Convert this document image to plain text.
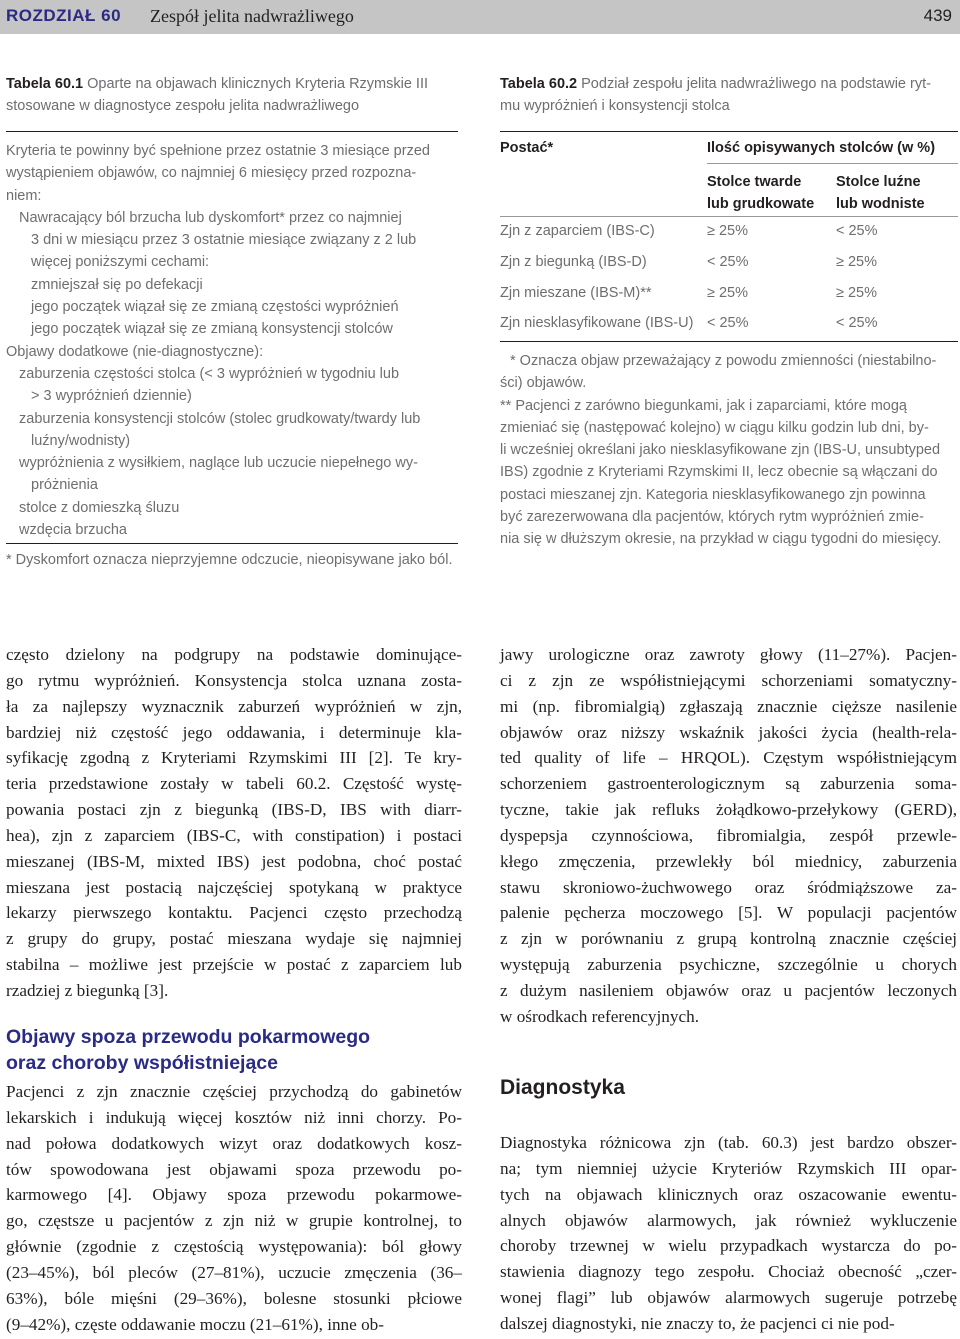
ROZDZIAŁ 60 Zespół jelita nadwrażliwego	439
Tabela 60.1 Oparte na objawach klinicznych Kryteria Rzymskie III
stosowane w diagnostyce zespołu jelita nadwrażliwego
Kryteria te powinny być spełnione przez ostatnie 3 miesiące przed
wystąpieniem objawów, co najmniej 6 miesięcy przed rozpozna-
niem:
Nawracający ból brzucha lub dyskomfort* przez co najmniej
3 dni w miesiącu przez 3 ostatnie miesiące związany z 2 lub
więcej poniższymi cechami:
zmniejszał się po defekacji
jego początek wiązał się ze zmianą częstości wypróżnień
jego początek wiązał się ze zmianą konsystencji stolców
Objawy dodatkowe (nie-diagnostyczne):
zaburzenia częstości stolca (< 3 wypróżnień w tygodniu lub
> 3 wypróżnień dziennie)
zaburzenia konsystencji stolców (stolec grudkowaty/twardy lub
luźny/wodnisty)
wypróżnienia z wysiłkiem, naglące lub uczucie niepełnego wy-
próżnienia
stolce z domieszką śluzu
wzdęcia brzucha
* Dyskomfort oznacza nieprzyjemne odczucie, nieopisywane jako ból.
Tabela 60.2 Podział zespołu jelita nadwrażliwego na podstawie ryt-
mu wypróżnień i konsystencji stolca
Postać*	Ilość opisywanych stolców (w %)
Stolce twarde
lub grudkowate
Stolce luźne
lub wodniste
Zjn z zaparciem (IBS-C)	≥ 25%	< 25%
Zjn z biegunką (IBS-D)	< 25%	≥ 25%
Zjn mieszane (IBS-M)**	≥ 25%	≥ 25%
Zjn niesklasyfikowane (IBS-U) < 25%	< 25%
* Oznacza objaw przeważający z powodu zmienności (niestabilno-
ści) objawów.
** Pacjenci z zarówno biegunkami, jak i zaparciami, które mogą
zmieniać się (następować kolejno) w ciągu kilku godzin lub dni, by-
li wcześniej określani jako niesklasyfikowane zjn (IBS-U, unsubtyped
IBS) zgodnie z Kryteriami Rzymskimi II, lecz obecnie są włączani do
postaci mieszanej zjn. Kategoria niesklasyfikowanego zjn powinna
być zarezerwowana dla pacjentów, których rytm wypróżnień zmie-
nia się w dłuższym okresie, na przykład w ciągu tygodni do miesięcy.
często dzielony na podgrupy na podstawie dominujące-
go rytmu wypróżnień. Konsystencja stolca uznana zosta-
ła za najlepszy wyznacznik zaburzeń wypróżnień w zjn,
bardziej niż częstość jego oddawania, i determinuje kla-
syfikację zgodną z Kryteriami Rzymskimi III [2]. Te kry-
teria przedstawione zostały w tabeli 60.2. Częstość wystę-
powania postaci zjn z biegunką (IBS-D, IBS with diarr-
hea), zjn z zaparciem (IBS-C, with constipation) i postaci
mieszanej (IBS-M, mixted IBS) jest podobna, choć postać
mieszana jest postacią najczęściej spotykaną w praktyce
lekarzy pierwszego kontaktu. Pacjenci często przechodzą
z grupy do grupy, postać mieszana wydaje się najmniej
stabilna – możliwe jest przejście w postać z zaparciem lub
rzadziej z biegunką [3].
Objawy spoza przewodu pokarmowego
oraz choroby współistniejące
Pacjenci z zjn znacznie częściej przychodzą do gabinetów
lekarskich i indukują więcej kosztów niż inni chorzy. Po-
nad połowa dodatkowych wizyt oraz dodatkowych kosz-
tów spowodowana jest objawami spoza przewodu po-
karmowego [4]. Objawy spoza przewodu pokarmowe-
go, częstsze u pacjentów z zjn niż w grupie kontrolnej, to
głównie (zgodnie z częstością występowania): ból głowy
(23–45%), ból pleców (27–81%), uczucie zmęczenia (36–
63%), bóle mięśni (29–36%), bolesne stosunki płciowe
(9–42%), częste oddawanie moczu (21–61%), inne ob-
jawy urologiczne oraz zawroty głowy (11–27%). Pacjen-
ci z zjn ze współistniejącymi schorzeniami somatyczny-
mi (np. fibromialgią) zgłaszają znacznie cięższe nasilenie
objawów oraz niższy wskaźnik jakości życia (health-rela-
ted quality of life – HRQOL). Częstym współistniejącym
schorzeniem gastroenterologicznym są zaburzenia soma-
tyczne, takie jak refluks żołądkowo-przełykowy (GERD),
dyspepsja czynnościowa, fibromialgia, zespół przewle-
kłego zmęczenia, przewlekły ból miednicy, zaburzenia
stawu skroniowo-żuchwowego oraz śródmiąższowe za-
palenie pęcherza moczowego [5]. W populacji pacjentów
z zjn w porównaniu z grupą kontrolną znacznie częściej
występują zaburzenia psychiczne, szczególnie u chorych
z dużym nasileniem objawów oraz u pacjentów leczonych
w ośrodkach referencyjnych.
Diagnostyka
Diagnostyka różnicowa zjn (tab. 60.3) jest bardzo obszer-
na; tym niemniej użycie Kryteriów Rzymskich III opar-
tych na objawach klinicznych oraz oszacowanie ewentu-
alnych objawów alarmowych, jak również wykluczenie
choroby trzewnej w wielu przypadkach wystarcza do po-
stawienia diagnozy tego zespołu. Chociaż obecność „czer-
wonej flagi” lub objawów alarmowych sugeruje potrzebę
dalszej diagnostyki, nie znaczy to, że pacjenci ci nie pod-
